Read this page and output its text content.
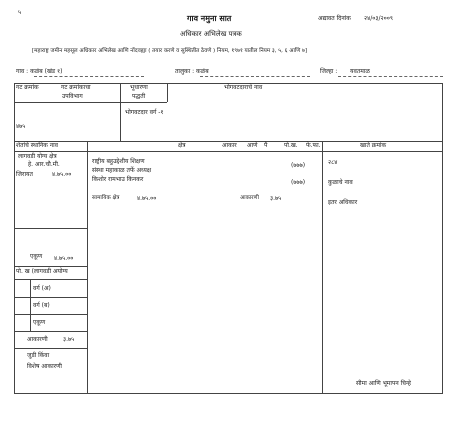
५
गाव नमुना सात	अद्यावत दिनांक २४/०३/२००९
अधिकार अभिलेख पत्रक
[महाराष्ट्र जमीन महसूल अधिकार अभिलेख आणि नोंदवह्या ( तयार करणे व सुस्थितीत ठेवणे ) नियम, १९७१ यातील नियम ३, ५, ६ आणि ७]
गाव : कळंब (खंड १)	तालुका : कळंब	जिल्हा : यवतमाळ
गट क्रमांक	गट क्रमांकाचा
उपविभाग
भूधारणा
पद्धती
भोगवटदाराचे नाव
भोगवटदार वर्ग -१
४७५
शेतांचे स्थानिक नाव	क्षेत्र	आकार आणे पै	पो.ख. फे.फा.	खाते क्रमांक
लागवडी योग्य क्षेत्र
हे. आर.चौ.मी.
जिरायत	४.७५.००
एकूण ४.७५.००
पो. ख (लागवडी अयोग्य
वर्ग (अ)
वर्ग (ब)
एकूण
आकारणी	३.७५
जुडी किंवा
विशेष आकारणी
राष्ट्रीय बहुउद्देशीय शिक्षण
(७७७)
संस्था महाकाळ तर्फे अध्यक्ष
किशोर रामभाउ किनकर	(७७७)
सामायिक क्षेत्र	४.७५.००	आकारणी ३.७५
२८४
कुळाचे नाव
इतर अधिकार
सीमा आणि भूमापन चिन्हे
